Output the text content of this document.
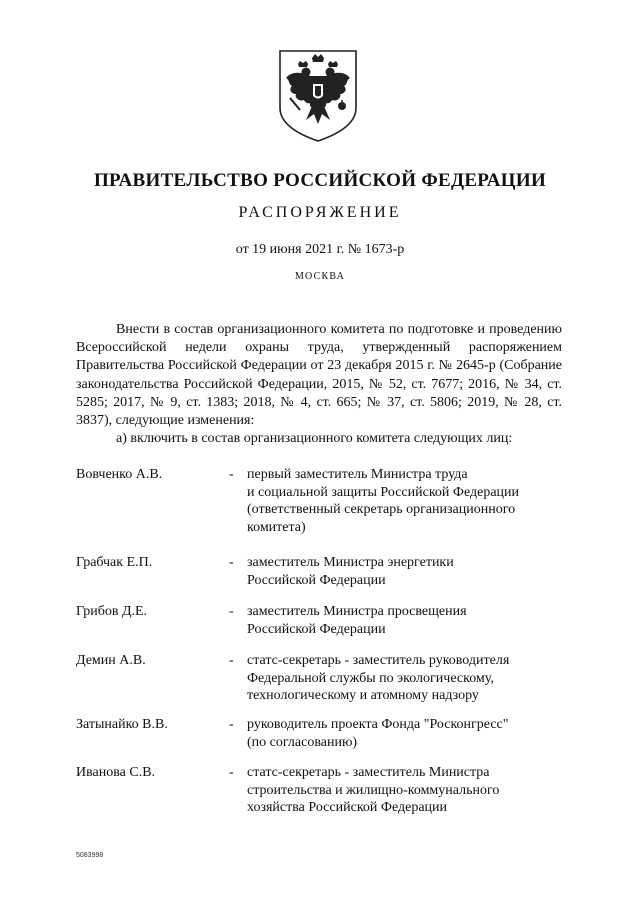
ПРАВИТЕЛЬСТВО РОССИЙСКОЙ ФЕДЕРАЦИИ
РАСПОРЯЖЕНИЕ
от 19 июня 2021 г. № 1673-р
МОСКВА

Внести в состав организационного комитета по подготовке и проведению Всероссийской недели охраны труда, утвержденный распоряжением Правительства Российской Федерации от 23 декабря 2015 г. № 2645-р (Собрание законодательства Российской Федерации, 2015, № 52, ст. 7677; 2016, № 34, ст. 5285; 2017, № 9, ст. 1383; 2018, № 4, ст. 665; № 37, ст. 5806; 2019, № 28, ст. 3837), следующие изменения:

а) включить в состав организационного комитета следующих лиц:

Вовченко А.В.	- первый заместитель Министра труда
и социальной защиты Российской Федерации
(ответственный секретарь организационного
комитета)
Грабчак Е.П.	- заместитель Министра энергетики
Российской Федерации
Грибов Д.Е.	- заместитель Министра просвещения
Российской Федерации
Демин А.В.	- статс-секретарь - заместитель руководителя
Федеральной службы по экологическому,
технологическому и атомному надзору
Затынайко В.В.	- руководитель проекта Фонда "Росконгресс"
(по согласованию)
Иванова С.В.	- статс-секретарь - заместитель Министра
строительства и жилищно-коммунального
хозяйства Российской Федерации
5083998
